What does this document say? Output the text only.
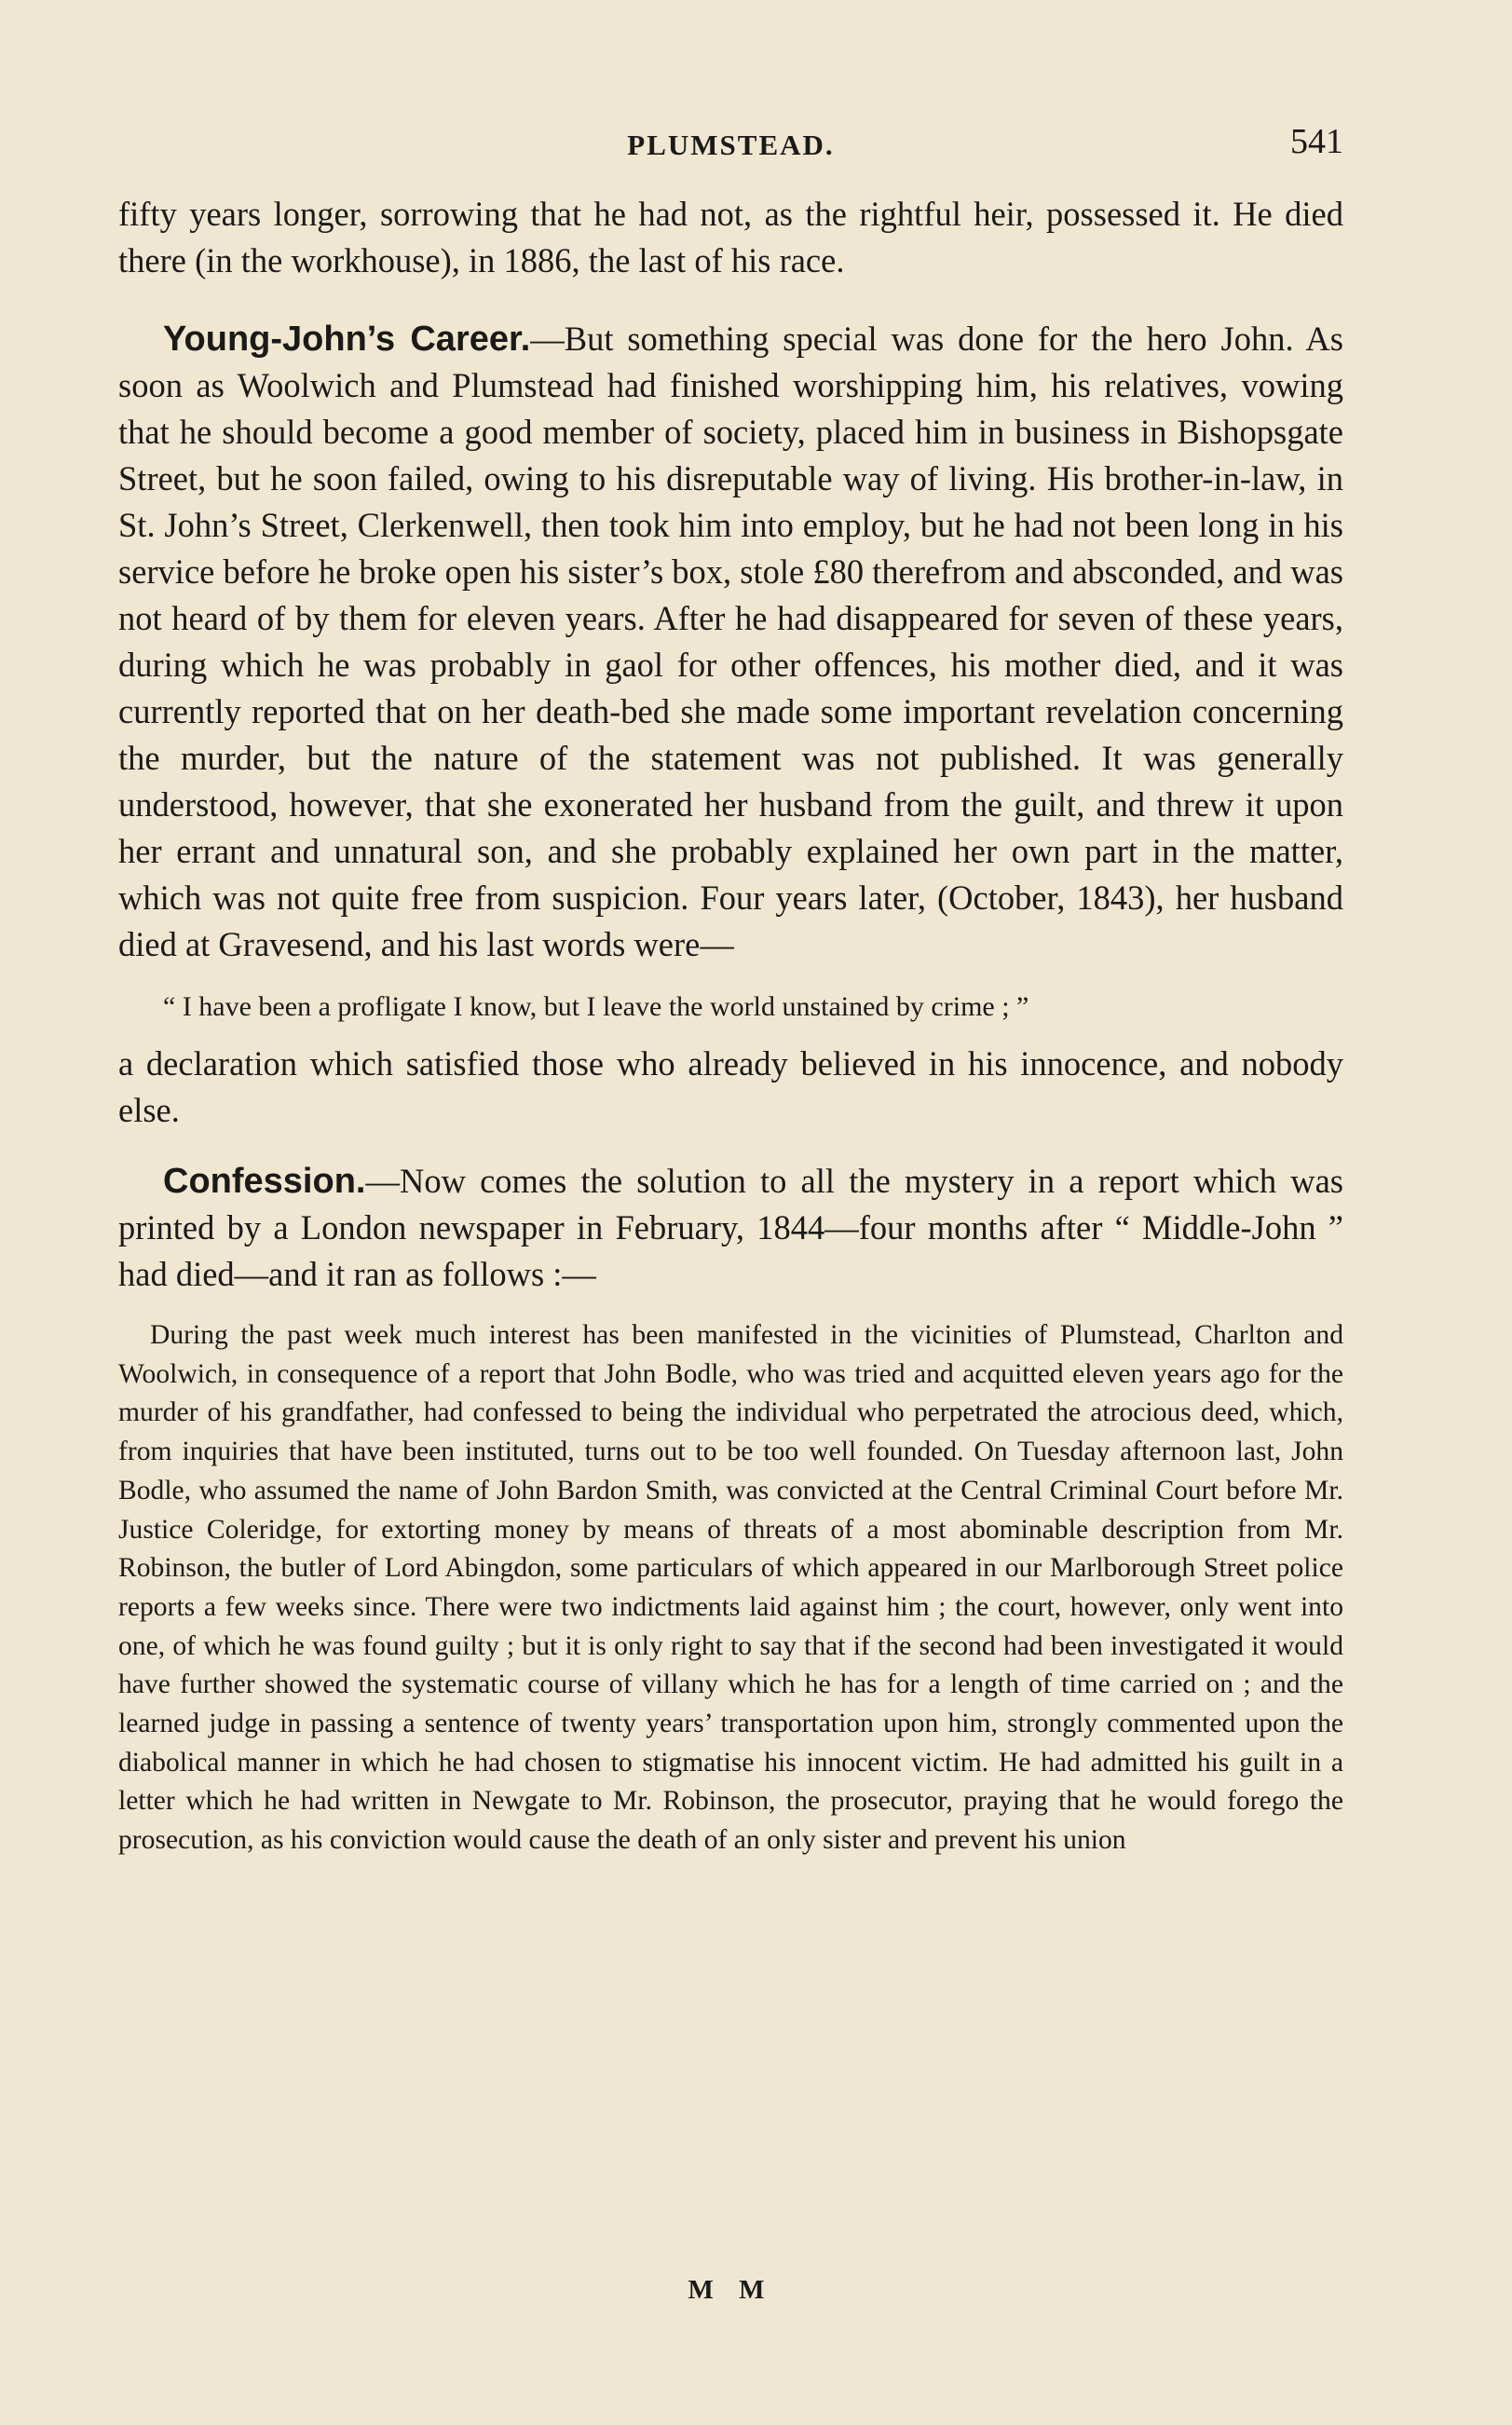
PLUMSTEAD.	541

fifty years longer, sorrowing that he had not, as the rightful heir, possessed it. He died there (in the workhouse), in 1886, the last of his race.

Young-John’s Career.—But something special was done for the hero John. As soon as Woolwich and Plumstead had finished worshipping him, his relatives, vowing that he should become a good member of society, placed him in business in Bishopsgate Street, but he soon failed, owing to his disreputable way of living. His brother-in-law, in St. John’s Street, Clerkenwell, then took him into employ, but he had not been long in his service before he broke open his sister’s box, stole £80 therefrom and absconded, and was not heard of by them for eleven years. After he had disappeared for seven of these years, during which he was probably in gaol for other offences, his mother died, and it was currently reported that on her death-bed she made some important revelation concerning the murder, but the nature of the statement was not published. It was generally understood, however, that she exonerated her husband from the guilt, and threw it upon her errant and unnatural son, and she probably explained her own part in the matter, which was not quite free from suspicion. Four years later, (October, 1843), her husband died at Gravesend, and his last words were—

“ I have been a profligate I know, but I leave the world unstained by crime ; ”

a declaration which satisfied those who already believed in his innocence, and nobody else.

Confession.—Now comes the solution to all the mystery in a report which was printed by a London newspaper in February, 1844—four months after “ Middle-John ” had died—and it ran as follows :—

During the past week much interest has been manifested in the vicinities of Plumstead, Charlton and Woolwich, in consequence of a report that John Bodle, who was tried and acquitted eleven years ago for the murder of his grandfather, had confessed to being the individual who perpetrated the atrocious deed, which, from inquiries that have been instituted, turns out to be too well founded. On Tuesday afternoon last, John Bodle, who assumed the name of John Bardon Smith, was convicted at the Central Criminal Court before Mr. Justice Coleridge, for extorting money by means of threats of a most abominable description from Mr. Robinson, the butler of Lord Abingdon, some particulars of which appeared in our Marlborough Street police reports a few weeks since. There were two indictments laid against him ; the court, however, only went into one, of which he was found guilty ; but it is only right to say that if the second had been investigated it would have further showed the systematic course of villany which he has for a length of time carried on ; and the learned judge in passing a sentence of twenty years’ transportation upon him, strongly commented upon the diabolical manner in which he had chosen to stigmatise his innocent victim. He had admitted his guilt in a letter which he had written in Newgate to Mr. Robinson, the prosecutor, praying that he would forego the prosecution, as his conviction would cause the death of an only sister and prevent his union

M M
